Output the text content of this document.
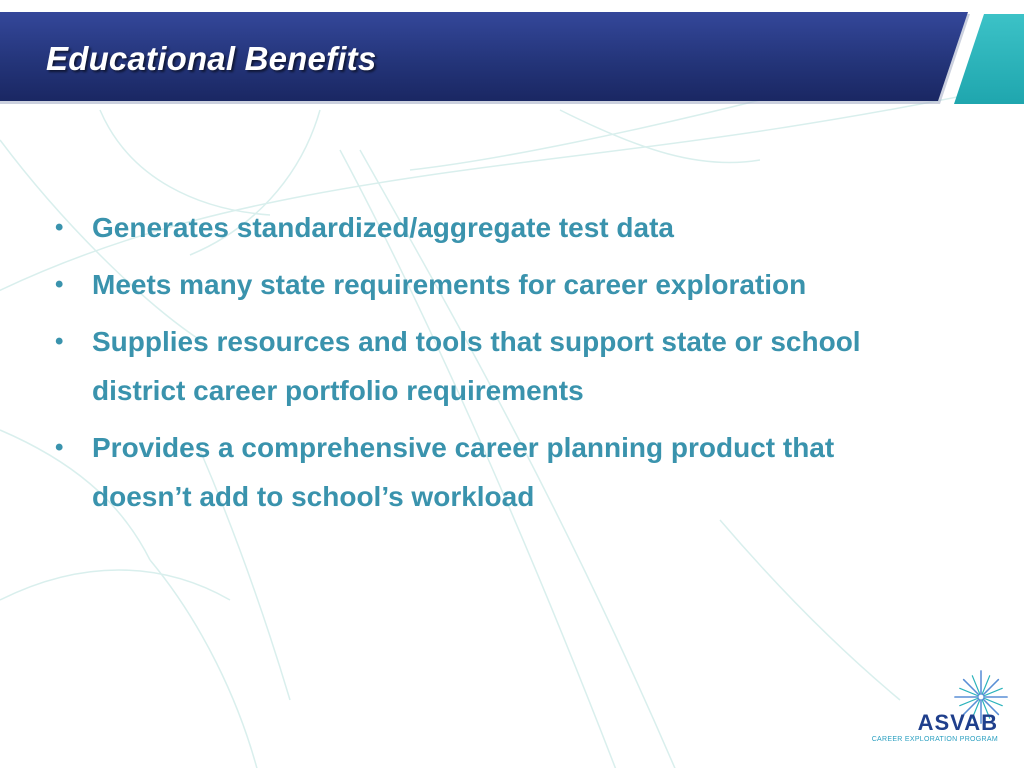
Educational Benefits
• Generates standardized/aggregate test data
• Meets many state requirements for career exploration
• Supplies resources and tools that support state or school district career portfolio requirements
• Provides a comprehensive career planning product that doesn’t add to school’s workload
ASVAB
CAREER EXPLORATION PROGRAM
